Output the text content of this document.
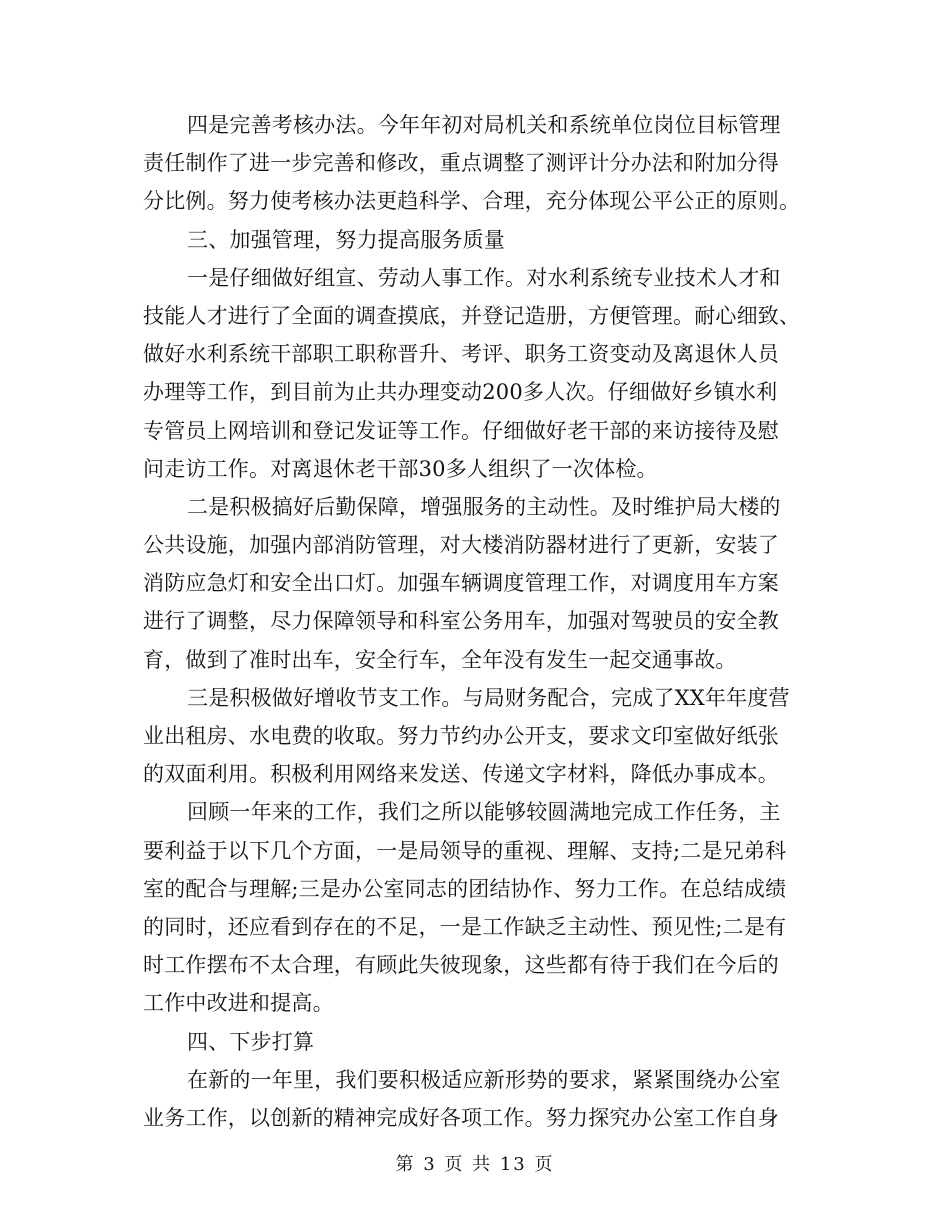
四是完善考核办法。今年年初对局机关和系统单位岗位目标管理
责任制作了进一步完善和修改，重点调整了测评计分办法和附加分得
分比例。努力使考核办法更趋科学、合理，充分体现公平公正的原则。
三、加强管理，努力提高服务质量
一是仔细做好组宣、劳动人事工作。对水利系统专业技术人才和
技能人才进行了全面的调查摸底，并登记造册，方便管理。耐心细致、
做好水利系统干部职工职称晋升、考评、职务工资变动及离退休人员
办理等工作，到目前为止共办理变动200多人次。仔细做好乡镇水利
专管员上网培训和登记发证等工作。仔细做好老干部的来访接待及慰
问走访工作。对离退休老干部30多人组织了一次体检。
二是积极搞好后勤保障，增强服务的主动性。及时维护局大楼的
公共设施，加强内部消防管理，对大楼消防器材进行了更新，安装了
消防应急灯和安全出口灯。加强车辆调度管理工作，对调度用车方案
进行了调整，尽力保障领导和科室公务用车，加强对驾驶员的安全教
育，做到了准时出车，安全行车，全年没有发生一起交通事故。
三是积极做好增收节支工作。与局财务配合，完成了XX年年度营
业出租房、水电费的收取。努力节约办公开支，要求文印室做好纸张
的双面利用。积极利用网络来发送、传递文字材料，降低办事成本。
回顾一年来的工作，我们之所以能够较圆满地完成工作任务，主
要利益于以下几个方面，一是局领导的重视、理解、支持;二是兄弟科
室的配合与理解;三是办公室同志的团结协作、努力工作。在总结成绩
的同时，还应看到存在的不足，一是工作缺乏主动性、预见性;二是有
时工作摆布不太合理，有顾此失彼现象，这些都有待于我们在今后的
工作中改进和提高。
四、下步打算
在新的一年里，我们要积极适应新形势的要求，紧紧围绕办公室
业务工作，以创新的精神完成好各项工作。努力探究办公室工作自身
第 3 页 共 13 页
